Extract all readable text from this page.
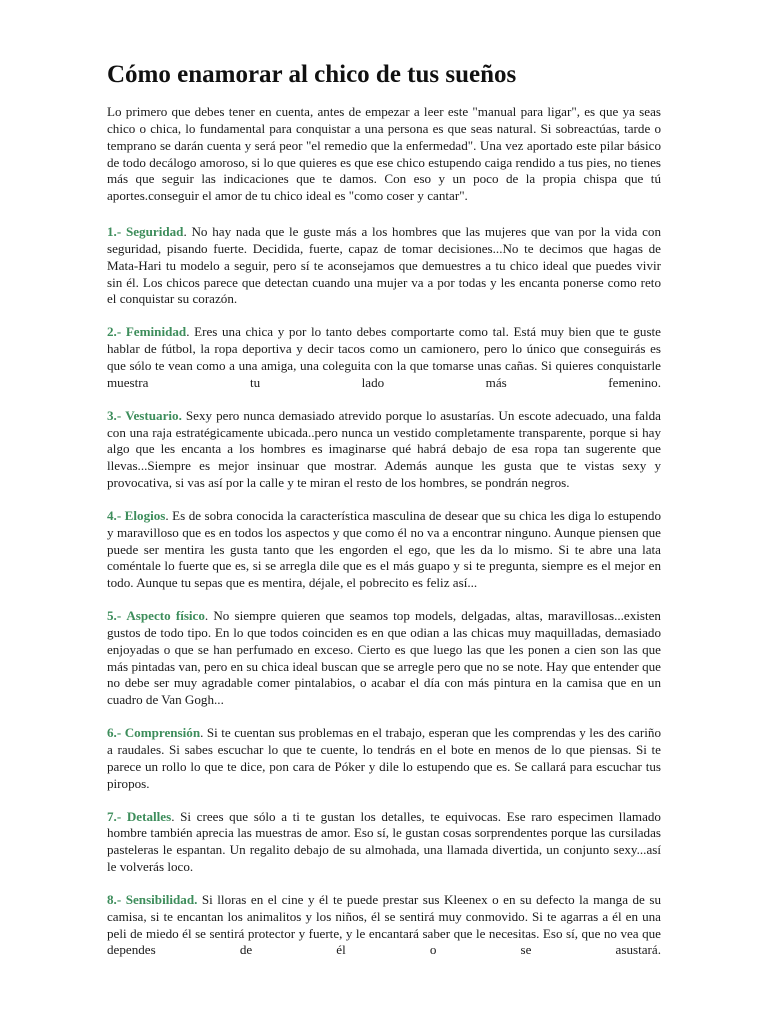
Cómo enamorar al chico de tus sueños

Lo primero que debes tener en cuenta, antes de empezar a leer este "manual para ligar", es que ya seas chico o chica, lo fundamental para conquistar a una persona es que seas natural. Si sobreactúas, tarde o temprano se darán cuenta y será peor "el remedio que la enfermedad". Una vez aportado este pilar básico de todo decálogo amoroso, si lo que quieres es que ese chico estupendo caiga rendido a tus pies, no tienes más que seguir las indicaciones que te damos. Con eso y un poco de la propia chispa que tú aportes.conseguir el amor de tu chico ideal es "como coser y cantar".

1.- Seguridad. No hay nada que le guste más a los hombres que las mujeres que van por la vida con seguridad, pisando fuerte. Decidida, fuerte, capaz de tomar decisiones...No te decimos que hagas de Mata-Hari tu modelo a seguir, pero sí te aconsejamos que demuestres a tu chico ideal que puedes vivir sin él. Los chicos parece que detectan cuando una mujer va a por todas y les encanta ponerse como reto el conquistar su corazón.

2.- Feminidad. Eres una chica y por lo tanto debes comportarte como tal. Está muy bien que te guste hablar de fútbol, la ropa deportiva y decir tacos como un camionero, pero lo único que conseguirás es que sólo te vean como a una amiga, una coleguita con la que tomarse unas cañas. Si quieres conquistarle muestra tu lado más femenino.

3.- Vestuario. Sexy pero nunca demasiado atrevido porque lo asustarías. Un escote adecuado, una falda con una raja estratégicamente ubicada..pero nunca un vestido completamente transparente, porque si hay algo que les encanta a los hombres es imaginarse qué habrá debajo de esa ropa tan sugerente que llevas...Siempre es mejor insinuar que mostrar. Además aunque les gusta que te vistas sexy y provocativa, si vas así por la calle y te miran el resto de los hombres, se pondrán negros.

4.- Elogios. Es de sobra conocida la característica masculina de desear que su chica les diga lo estupendo y maravilloso que es en todos los aspectos y que como él no va a encontrar ninguno. Aunque piensen que puede ser mentira les gusta tanto que les engorden el ego, que les da lo mismo. Si te abre una lata coméntale lo fuerte que es, si se arregla dile que es el más guapo y si te pregunta, siempre es el mejor en todo. Aunque tu sepas que es mentira, déjale, el pobrecito es feliz así...

5.- Aspecto físico. No siempre quieren que seamos top models, delgadas, altas, maravillosas...existen gustos de todo tipo. En lo que todos coinciden es en que odian a las chicas muy maquilladas, demasiado enjoyadas o que se han perfumado en exceso. Cierto es que luego las que les ponen a cien son las que más pintadas van, pero en su chica ideal buscan que se arregle pero que no se note. Hay que entender que no debe ser muy agradable comer pintalabios, o acabar el día con más pintura en la camisa que en un cuadro de Van Gogh...

6.- Comprensión. Si te cuentan sus problemas en el trabajo, esperan que les comprendas y les des cariño a raudales. Si sabes escuchar lo que te cuente, lo tendrás en el bote en menos de lo que piensas. Si te parece un rollo lo que te dice, pon cara de Póker y dile lo estupendo que es. Se callará para escuchar tus piropos.

7.- Detalles. Si crees que sólo a ti te gustan los detalles, te equivocas. Ese raro especimen llamado hombre también aprecia las muestras de amor. Eso sí, le gustan cosas sorprendentes porque las cursiladas pasteleras le espantan. Un regalito debajo de su almohada, una llamada divertida, un conjunto sexy...así le volverás loco.

8.- Sensibilidad. Si lloras en el cine y él te puede prestar sus Kleenex o en su defecto la manga de su camisa, si te encantan los animalitos y los niños, él se sentirá muy conmovido. Si te agarras a él en una peli de miedo él se sentirá protector y fuerte, y le encantará saber que le necesitas. Eso sí, que no vea que dependes de él o se asustará.
